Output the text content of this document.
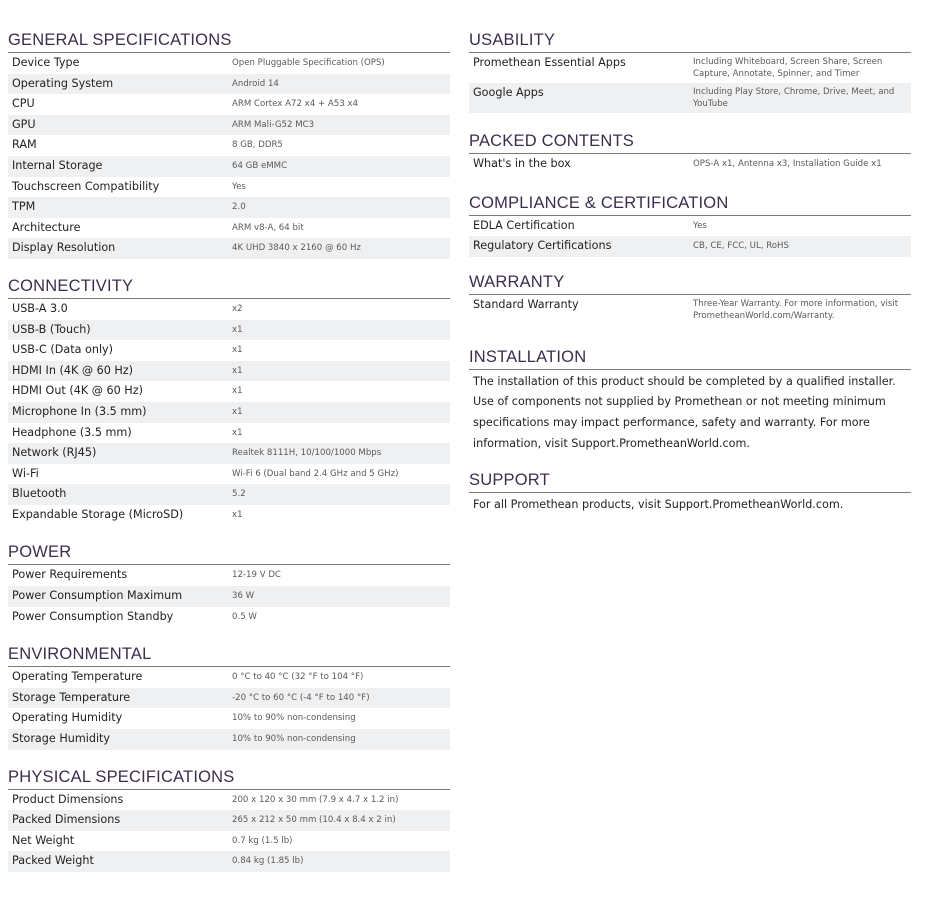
GENERAL SPECIFICATIONS
Device Type	Open Pluggable Specification (OPS)
Operating System	Android 14
CPU	ARM Cortex A72 x4 + A53 x4
GPU	ARM Mali-G52 MC3
RAM	8 GB, DDR5
Internal Storage	64 GB eMMC
Touchscreen Compatibility	Yes
TPM	2.0
Architecture	ARM v8-A, 64 bit
Display Resolution	4K UHD 3840 x 2160 @ 60 Hz
CONNECTIVITY
USB-A 3.0	x2
USB-B (Touch)	x1
USB-C (Data only)	x1
HDMI In (4K @ 60 Hz)	x1
HDMI Out (4K @ 60 Hz)	x1
Microphone In (3.5 mm)	x1
Headphone (3.5 mm)	x1
Network (RJ45)	Realtek 8111H, 10/100/1000 Mbps
Wi-Fi	Wi-Fi 6 (Dual band 2.4 GHz and 5 GHz)
Bluetooth	5.2
Expandable Storage (MicroSD)	x1
POWER
Power Requirements	12-19 V DC
Power Consumption Maximum	36 W
Power Consumption Standby	0.5 W
ENVIRONMENTAL
Operating Temperature	0 °C to 40 °C (32 °F to 104 °F)
Storage Temperature	-20 °C to 60 °C (-4 °F to 140 °F)
Operating Humidity	10% to 90% non-condensing
Storage Humidity	10% to 90% non-condensing
PHYSICAL SPECIFICATIONS
Product Dimensions	200 x 120 x 30 mm (7.9 x 4.7 x 1.2 in)
Packed Dimensions	265 x 212 x 50 mm (10.4 x 8.4 x 2 in)
Net Weight	0.7 kg (1.5 lb)
Packed Weight	0.84 kg (1.85 lb)
USABILITY
Promethean Essential Apps	Including Whiteboard, Screen Share, Screen Capture, Annotate, Spinner, and Timer
Google Apps	Including Play Store, Chrome, Drive, Meet, and YouTube
PACKED CONTENTS
What's in the box	OPS-A x1, Antenna x3, Installation Guide x1
COMPLIANCE & CERTIFICATION
EDLA Certification	Yes
Regulatory Certifications	CB, CE, FCC, UL, RoHS
WARRANTY
Standard Warranty	Three-Year Warranty. For more information, visit PrometheanWorld.com/Warranty.
INSTALLATION

The installation of this product should be completed by a qualified installer. Use of components not supplied by Promethean or not meeting minimum specifications may impact performance, safety and warranty. For more information, visit Support.PrometheanWorld.com.

SUPPORT

For all Promethean products, visit Support.PrometheanWorld.com.
